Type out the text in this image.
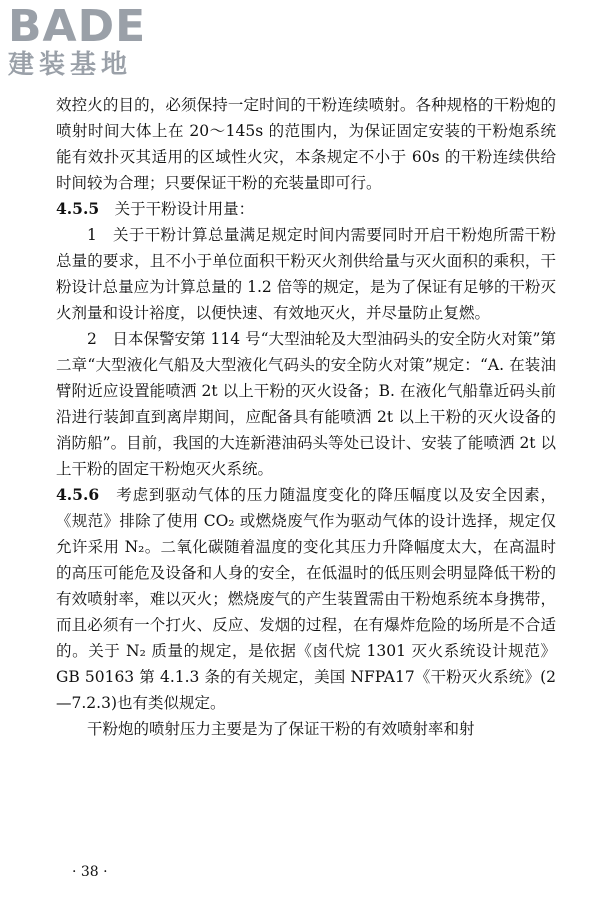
BADE
建装基地

效控火的目的，必须保持一定时间的干粉连续喷射。各种规格的干粉炮的喷射时间大体上在 20～145s 的范围内，为保证固定安装的干粉炮系统能有效扑灭其适用的区域性火灾，本条规定不小于 60s 的干粉连续供给时间较为合理；只要保证干粉的充装量即可行。

4.5.5　 关于干粉设计用量：

1　关于干粉计算总量满足规定时间内需要同时开启干粉炮所需干粉总量的要求，且不小于单位面积干粉灭火剂供给量与灭火面积的乘积，干粉设计总量应为计算总量的 1.2 倍等的规定，是为了保证有足够的干粉灭火剂量和设计裕度，以便快速、有效地灭火，并尽量防止复燃。

2　日本保警安第 114 号“大型油轮及大型油码头的安全防火对策”第二章“大型液化气船及大型液化气码头的安全防火对策”规定：“A. 在装油臂附近应设置能喷洒 2t 以上干粉的灭火设备；B. 在液化气船靠近码头前沿进行装卸直到离岸期间，应配备具有能喷洒 2t 以上干粉的灭火设备的消防船”。目前，我国的大连新港油码头等处已设计、安装了能喷洒 2t 以上干粉的固定干粉炮灭火系统。

4.5.6　 考虑到驱动气体的压力随温度变化的降压幅度以及安全因素，《规范》排除了使用 CO₂ 或燃烧废气作为驱动气体的设计选择，规定仅允许采用 N₂。二氧化碳随着温度的变化其压力升降幅度太大，在高温时的高压可能危及设备和人身的安全，在低温时的低压则会明显降低干粉的有效喷射率，难以灭火；燃烧废气的产生装置需由干粉炮系统本身携带，而且必须有一个打火、反应、发烟的过程，在有爆炸危险的场所是不合适的。关于 N₂ 质量的规定，是依据《卤代烷 1301 灭火系统设计规范》GB 50163 第 4.1.3 条的有关规定，美国 NFPA17《干粉灭火系统》(2—7.2.3)也有类似规定。

干粉炮的喷射压力主要是为了保证干粉的有效喷射率和射

· 38 ·
